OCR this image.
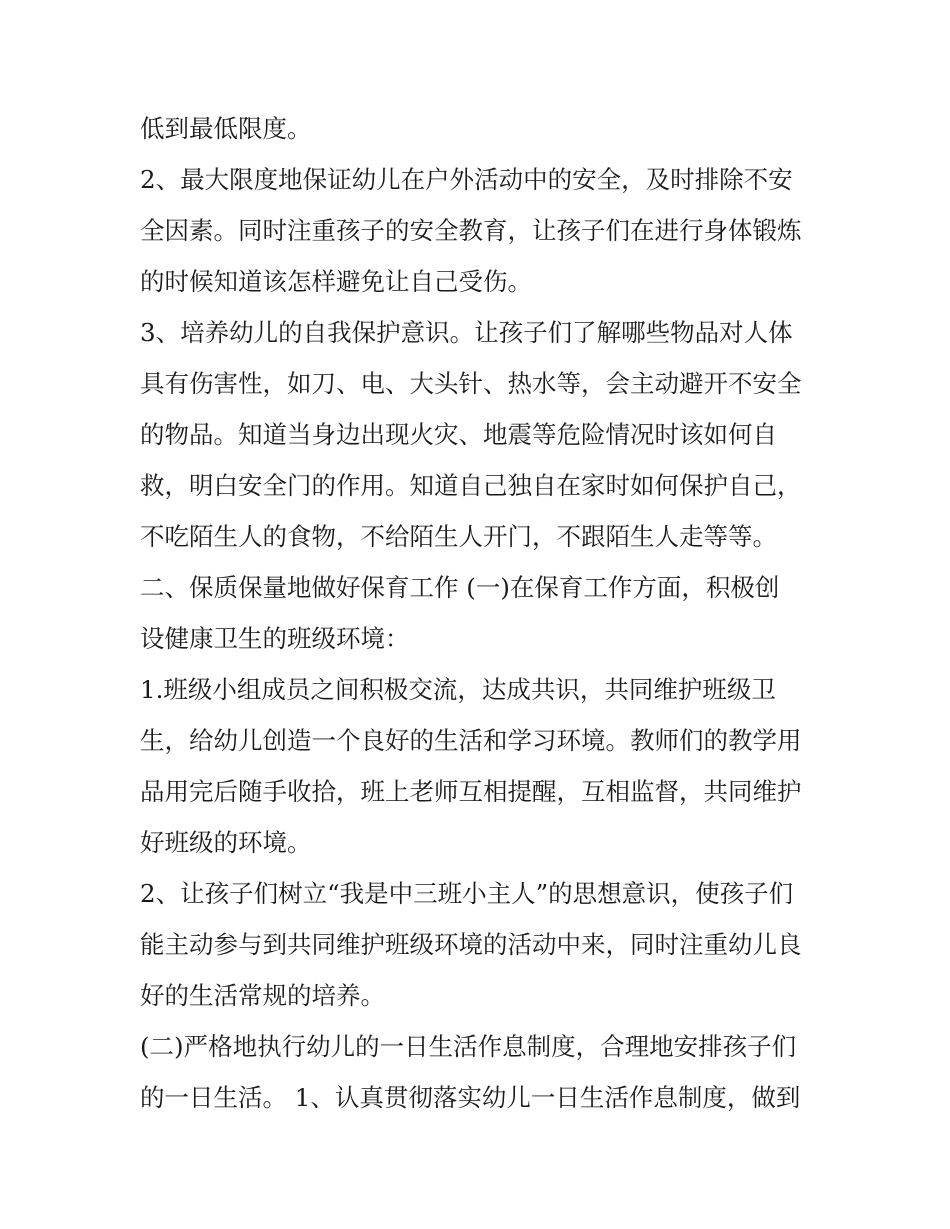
低到最低限度。
2、最大限度地保证幼儿在户外活动中的安全，及时排除不安
全因素。同时注重孩子的安全教育，让孩子们在进行身体锻炼
的时候知道该怎样避免让自己受伤。
3、培养幼儿的自我保护意识。让孩子们了解哪些物品对人体
具有伤害性，如刀、电、大头针、热水等，会主动避开不安全
的物品。知道当身边出现火灾、地震等危险情况时该如何自
救，明白安全门的作用。知道自己独自在家时如何保护自己，
不吃陌生人的食物，不给陌生人开门，不跟陌生人走等等。
二、保质保量地做好保育工作 (一)在保育工作方面，积极创
设健康卫生的班级环境：
1.班级小组成员之间积极交流，达成共识，共同维护班级卫
生，给幼儿创造一个良好的生活和学习环境。教师们的教学用
品用完后随手收拾，班上老师互相提醒，互相监督，共同维护
好班级的环境。
2、让孩子们树立“我是中三班小主人”的思想意识，使孩子们
能主动参与到共同维护班级环境的活动中来，同时注重幼儿良
好的生活常规的培养。
(二)严格地执行幼儿的一日生活作息制度，合理地安排孩子们
的一日生活。 1、认真贯彻落实幼儿一日生活作息制度，做到
